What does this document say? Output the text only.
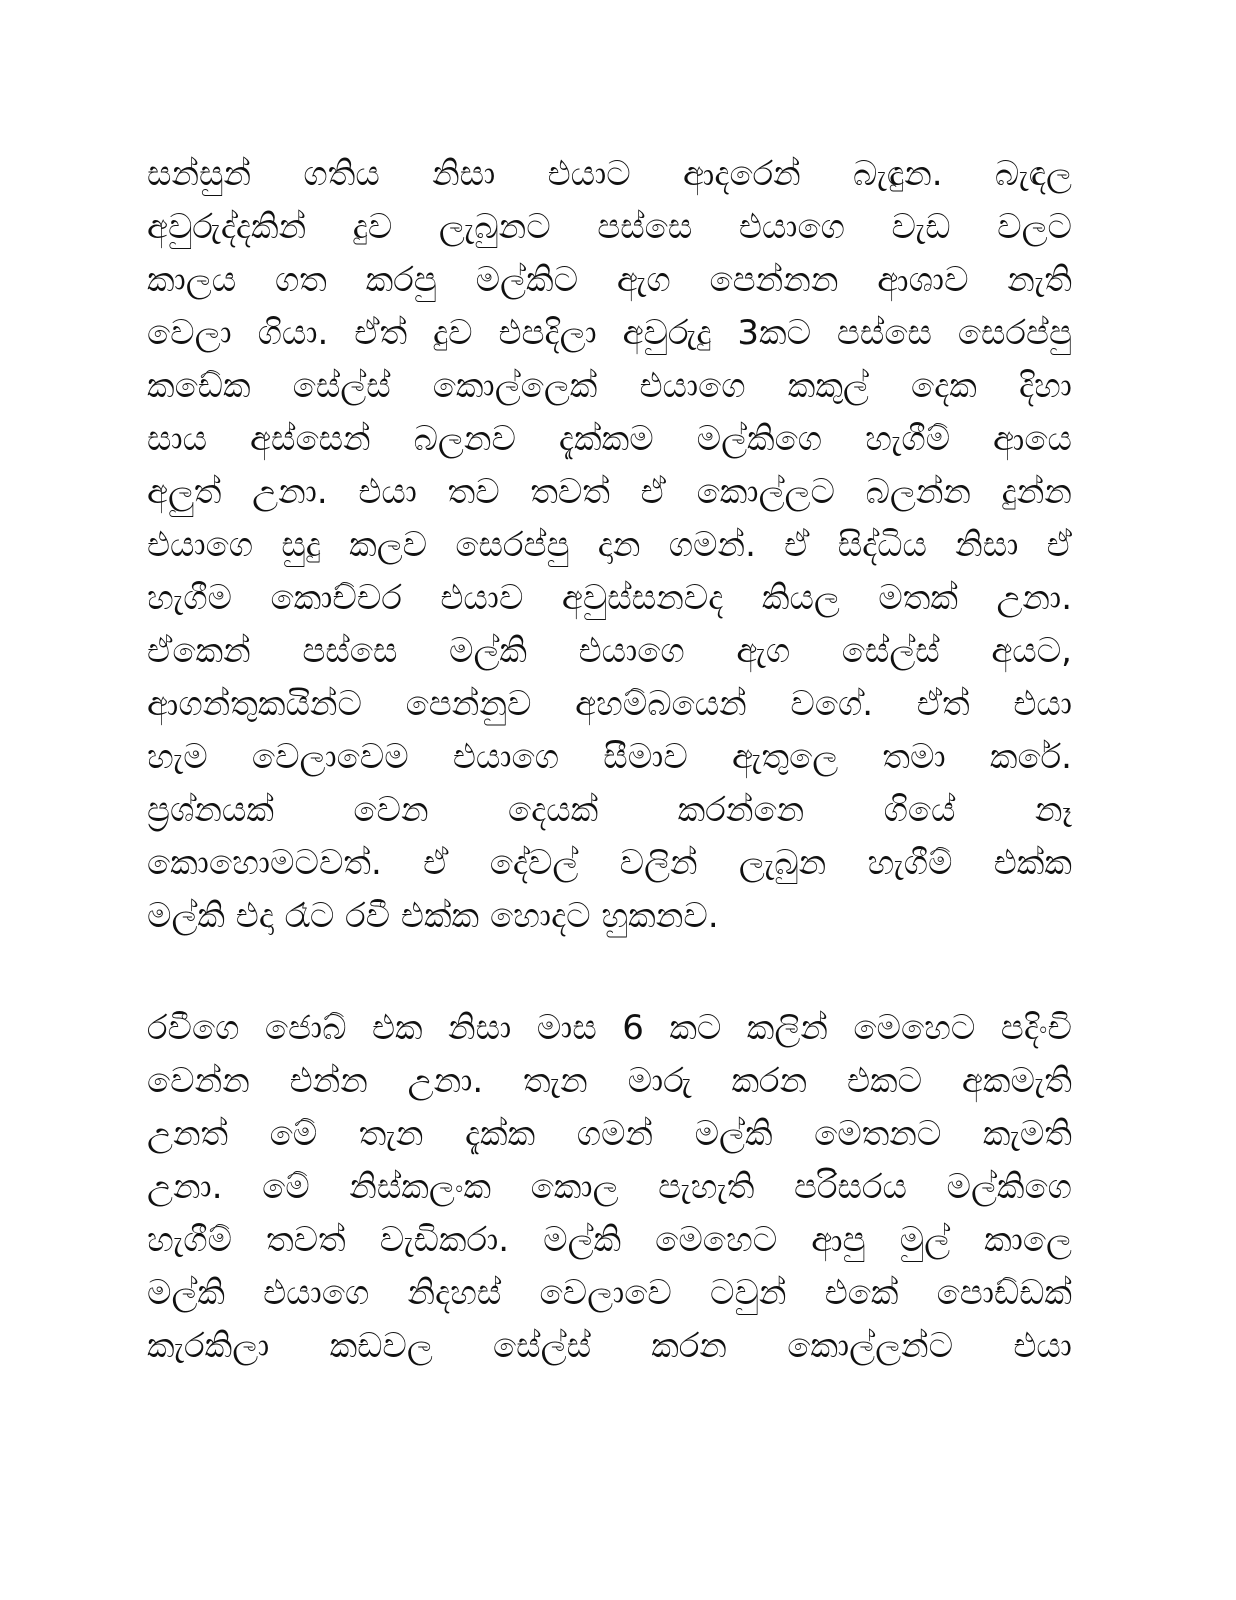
සන්සුන් ගතිය නිසා එයාට ආදරෙන් බැඳුන. බැඳල
අවුරුද්දකින් දුව ලැබුනට පස්සෙ එයාගෙ වැඩ වලට
කාලය ගත කරපු මල්කිට ඇග පෙන්නන ආශාව නැති
වෙලා ගියා. ඒත් දුව එපදිලා අවුරුදු 3කට පස්සෙ සෙරප්පු
කඩේක සේල්ස් කොල්ලෙක් එයාගෙ කකුල් දෙක දිහා
සාය අස්සෙන් බලනව දැක්කම මල්කිගෙ හැගීම් ආයෙ
අලුත් උනා. එයා තව තවත් ඒ කොල්ලට බලන්න දුන්න
එයාගෙ සුදු කලව සෙරප්පු දාන ගමන්. ඒ සිද්ධිය නිසා ඒ
හැගීම කොච්චර එයාව අවුස්සනවද කියල මතක් උනා.
ඒකෙන් පස්සෙ මල්කි එයාගෙ ඇග සේල්ස් අයට,
ආගන්තුකයින්ට පෙන්නුව අහම්බයෙන් වගේ. ඒත් එයා
හැම වෙලාවෙම එයාගෙ සීමාව ඇතුලෙ තමා කරේ.
ප්‍රශ්නයක් වෙන දෙයක් කරන්නෙ ගියේ නෑ
කොහොමටවත්. ඒ දේවල් වලින් ලැබුන හැගීම් එක්ක
මල්කි එදා රෑට රවී එක්ක හොදට හුකනව.
රවීගෙ ජොබ් එක නිසා මාස 6 කට කලින් මෙහෙට පදිංචි
වෙන්න එන්න උනා. තැන මාරු කරන එකට අකමැති
උනත් මේ තැන දැක්ක ගමන් මල්කි මෙතනට කැමති
උනා. මේ නිස්කලංක කොල පැහැති පරිසරය මල්කිගෙ
හැගීම් තවත් වැඩිකරා. මල්කි මෙහෙට ආපු මුල් කාලෙ
මල්කි එයාගෙ නිදහස් වෙලාවෙ ටවුන් එකේ පොඩ්ඩක්
කැරකිලා කඩවල සේල්ස් කරන කොල්ලන්ට එයා
